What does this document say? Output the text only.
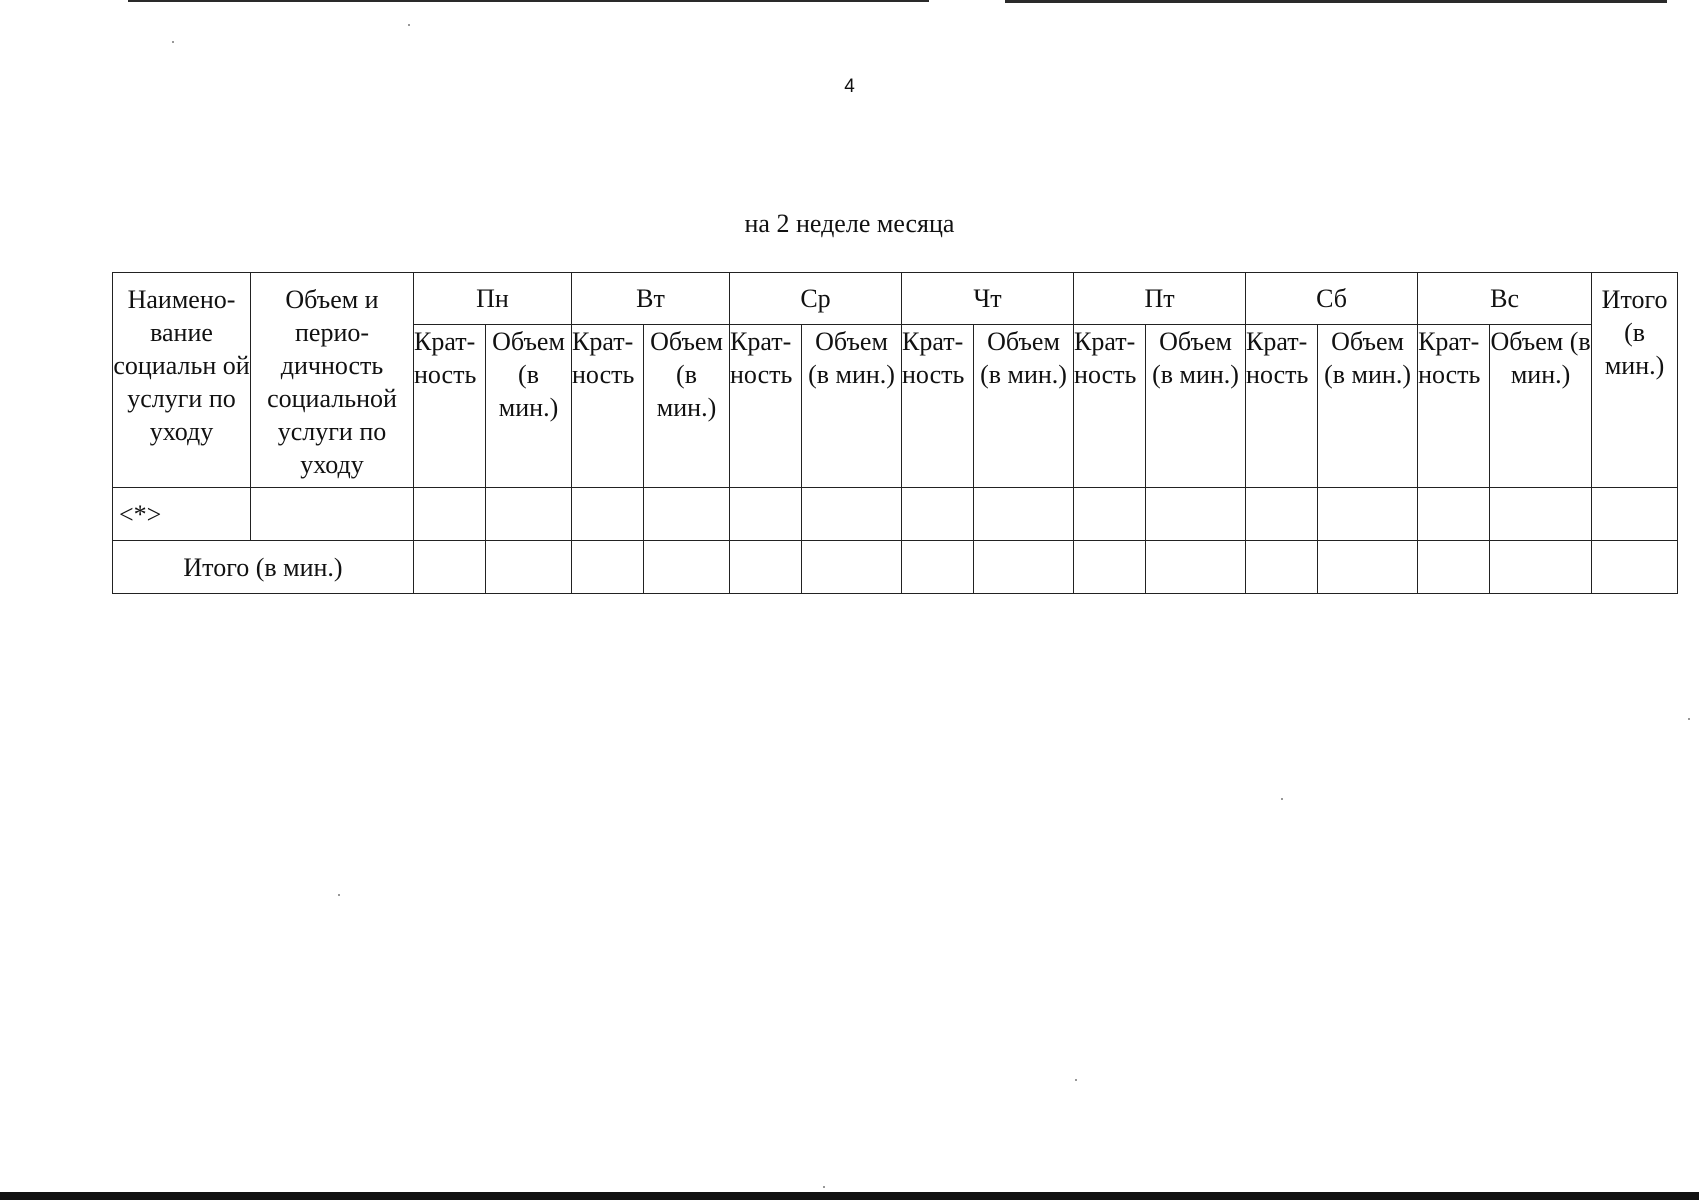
4
на 2 неделе месяца
Наимено- вание социальн ой услуги по уходу	Объем и перио- дичность социальной услуги по уходу	Пн		Вт		Ср		Чт		Пт		Сб		Вс		Итого (в мин.)
		Крат- ность	Объем (в мин.)	Крат- ность	Объем (в мин.)	Крат- ность	Объем (в мин.)	Крат- ность	Объем (в мин.)	Крат- ность	Объем (в мин.)	Крат- ность	Объем (в мин.)	Крат- ность	Объем (в мин.)	
<*>																
Итого (в мин.)																
